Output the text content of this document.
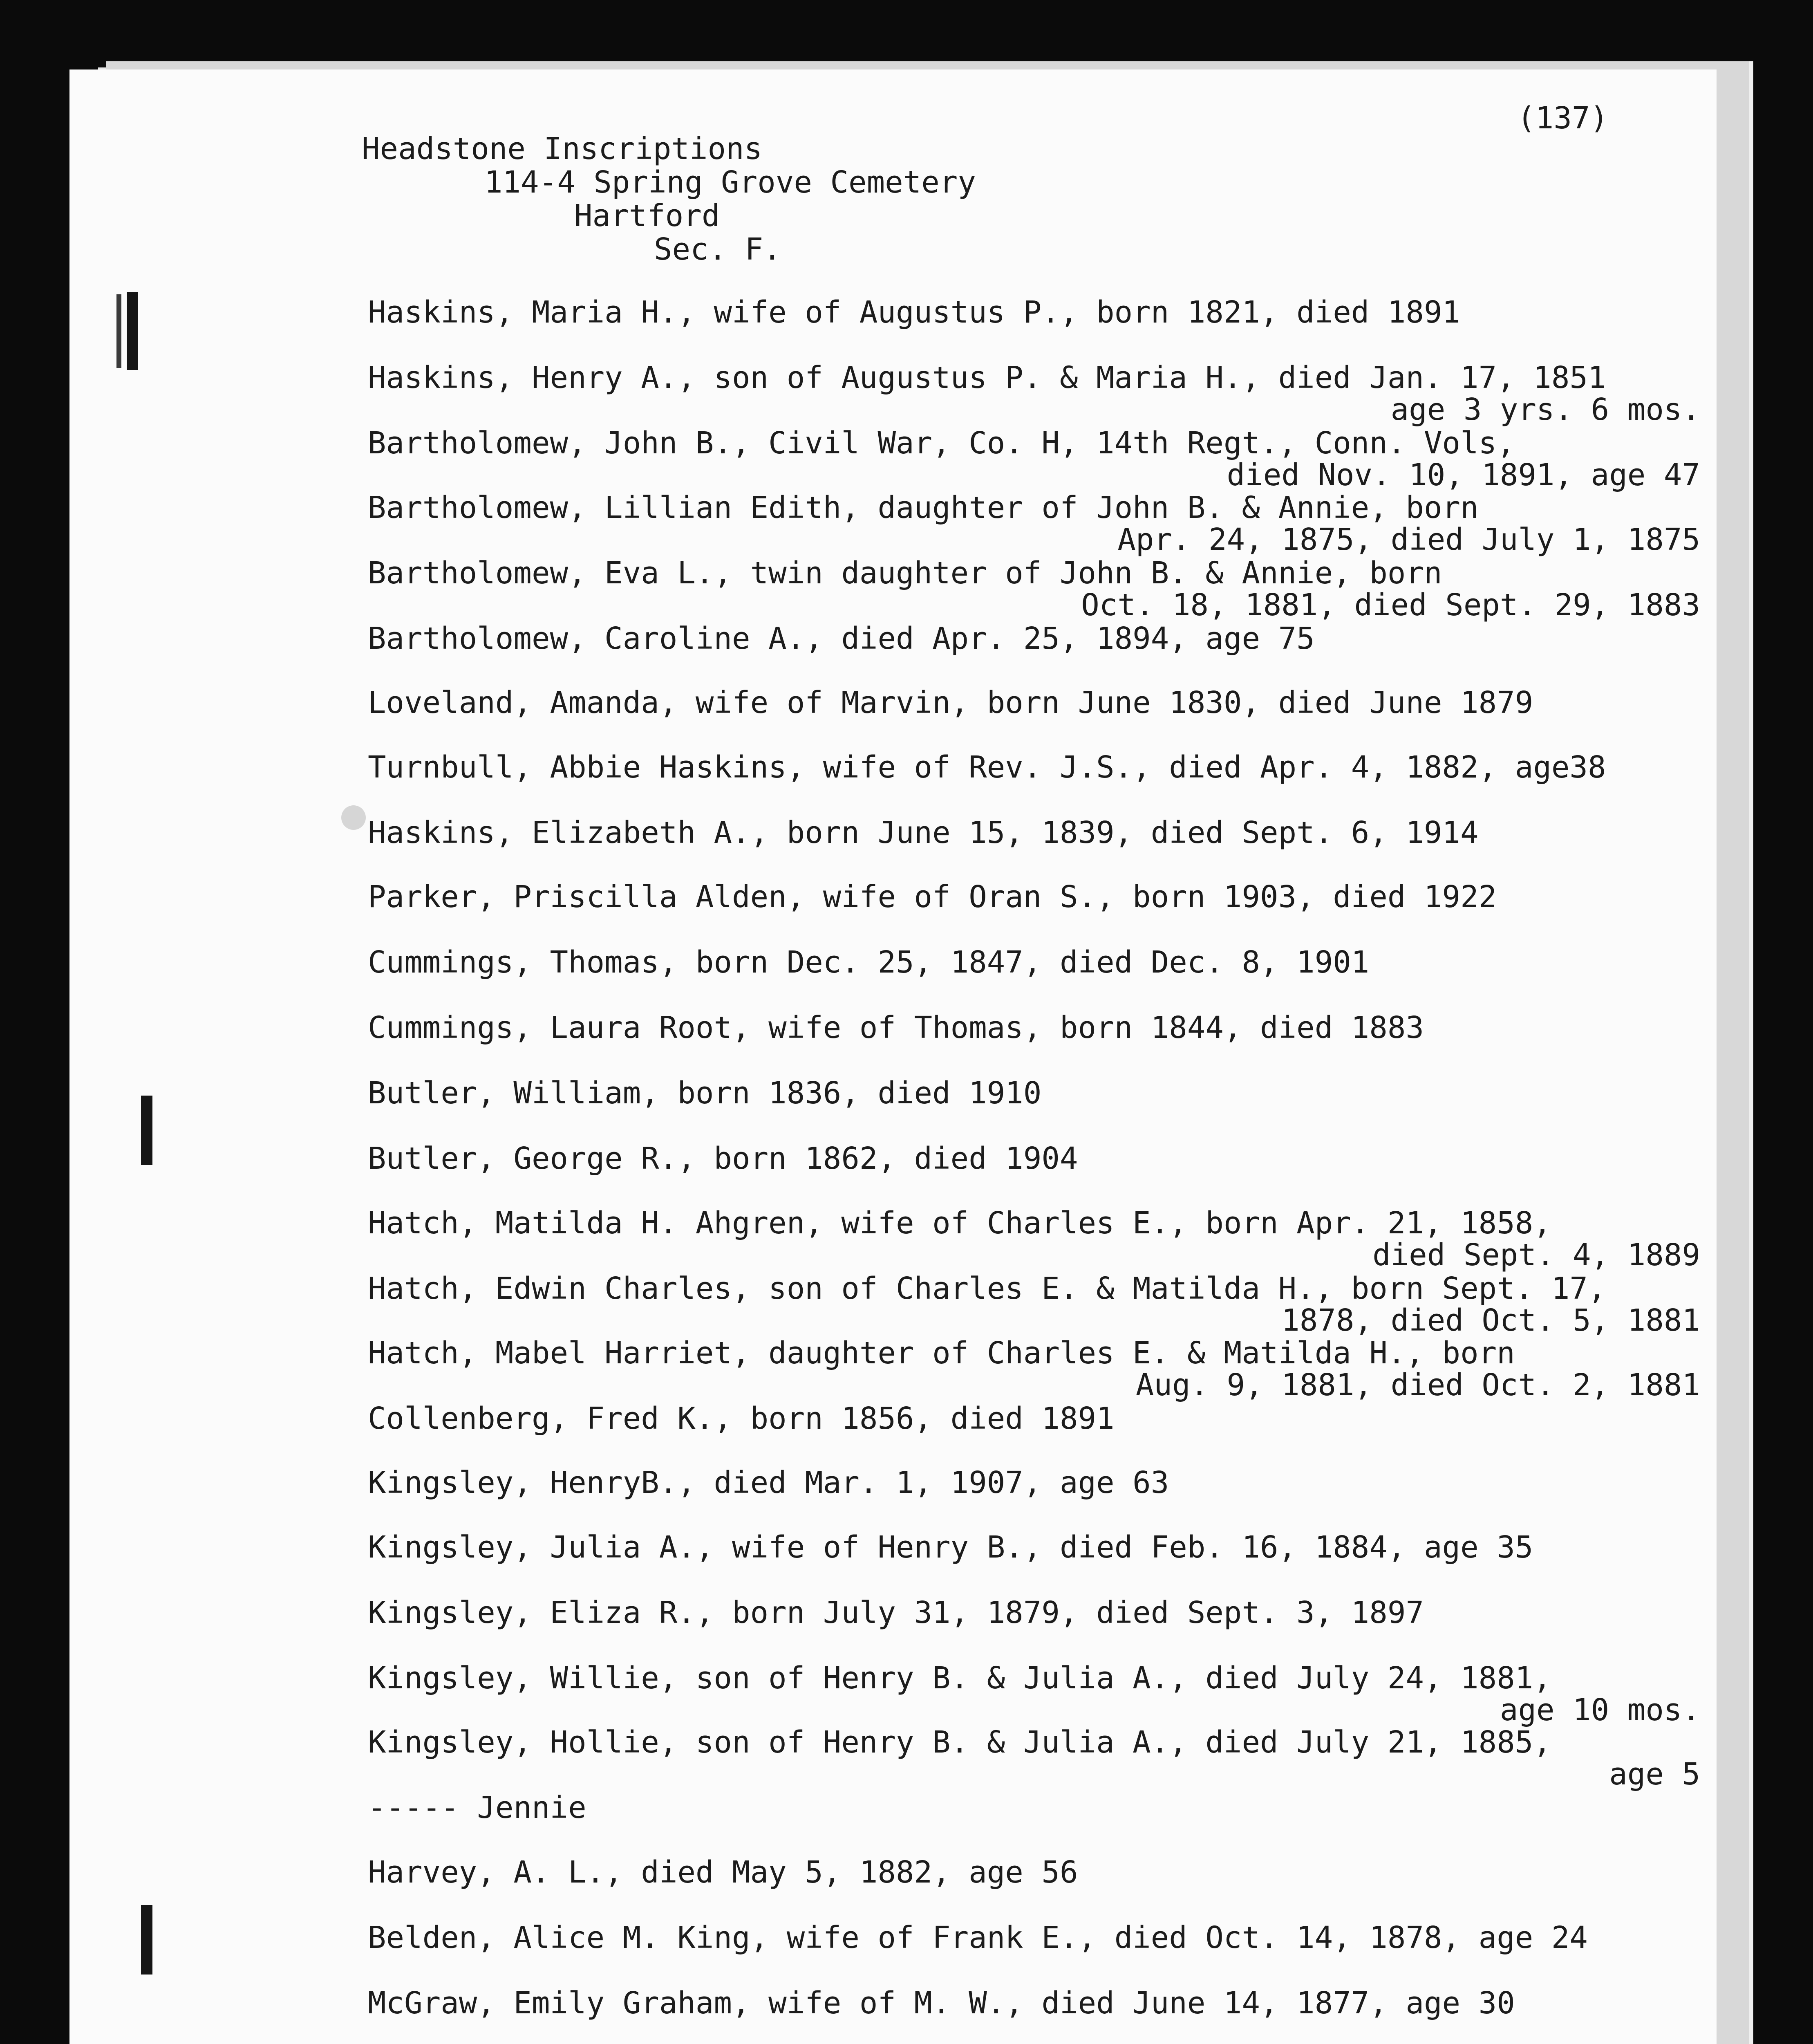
(137)

Headstone Inscriptions
114-4 Spring Grove Cemetery
Hartford
Sec. F.
Haskins, Maria H., wife of Augustus P., born 1821, died 1891
Haskins, Henry A., son of Augustus P. & Maria H., died Jan. 17, 1851
age 3 yrs. 6 mos.
Bartholomew, John B., Civil War, Co. H, 14th Regt., Conn. Vols,
died Nov. 10, 1891, age 47
Bartholomew, Lillian Edith, daughter of John B. & Annie, born
Apr. 24, 1875, died July 1, 1875
Bartholomew, Eva L., twin daughter of John B. & Annie, born
Oct. 18, 1881, died Sept. 29, 1883
Bartholomew, Caroline A., died Apr. 25, 1894, age 75
Loveland, Amanda, wife of Marvin, born June 1830, died June 1879
Turnbull, Abbie Haskins, wife of Rev. J.S., died Apr. 4, 1882, age38
Haskins, Elizabeth A., born June 15, 1839, died Sept. 6, 1914
Parker, Priscilla Alden, wife of Oran S., born 1903, died 1922
Cummings, Thomas, born Dec. 25, 1847, died Dec. 8, 1901
Cummings, Laura Root, wife of Thomas, born 1844, died 1883
Butler, William, born 1836, died 1910
Butler, George R., born 1862, died 1904
Hatch, Matilda H. Ahgren, wife of Charles E., born Apr. 21, 1858,
died Sept. 4, 1889
Hatch, Edwin Charles, son of Charles E. & Matilda H., born Sept. 17,
1878, died Oct. 5, 1881
Hatch, Mabel Harriet, daughter of Charles E. & Matilda H., born
Aug. 9, 1881, died Oct. 2, 1881
Collenberg, Fred K., born 1856, died 1891
Kingsley, HenryB., died Mar. 1, 1907, age 63
Kingsley, Julia A., wife of Henry B., died Feb. 16, 1884, age 35
Kingsley, Eliza R., born July 31, 1879, died Sept. 3, 1897
Kingsley, Willie, son of Henry B. & Julia A., died July 24, 1881,
age 10 mos.
Kingsley, Hollie, son of Henry B. & Julia A., died July 21, 1885,
age 5
----- Jennie
Harvey, A. L., died May 5, 1882, age 56
Belden, Alice M. King, wife of Frank E., died Oct. 14, 1878, age 24
McGraw, Emily Graham, wife of M. W., died June 14, 1877, age 30
